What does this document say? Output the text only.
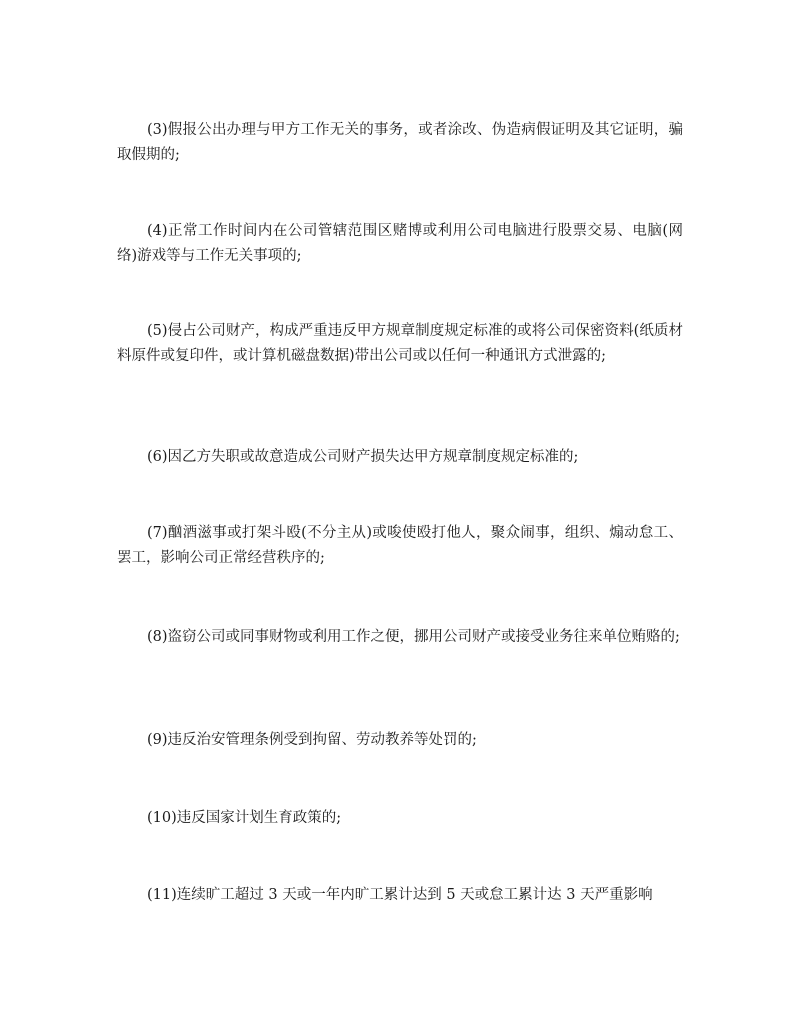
(3)假报公出办理与甲方工作无关的事务，或者涂改、伪造病假证明及其它证明，骗取假期的;

(4)正常工作时间内在公司管辖范围区赌博或利用公司电脑进行股票交易、电脑(网络)游戏等与工作无关事项的;

(5)侵占公司财产，构成严重违反甲方规章制度规定标准的或将公司保密资料(纸质材料原件或复印件，或计算机磁盘数据)带出公司或以任何一种通讯方式泄露的;

(6)因乙方失职或故意造成公司财产损失达甲方规章制度规定标准的;

(7)酗酒滋事或打架斗殴(不分主从)或唆使殴打他人，聚众闹事，组织、煽动怠工、罢工，影响公司正常经营秩序的;

(8)盗窃公司或同事财物或利用工作之便，挪用公司财产或接受业务往来单位贿赂的;

(9)违反治安管理条例受到拘留、劳动教养等处罚的;

(10)违反国家计划生育政策的;

(11)连续旷工超过 3 天或一年内旷工累计达到 5 天或怠工累计达 3 天严重影响
